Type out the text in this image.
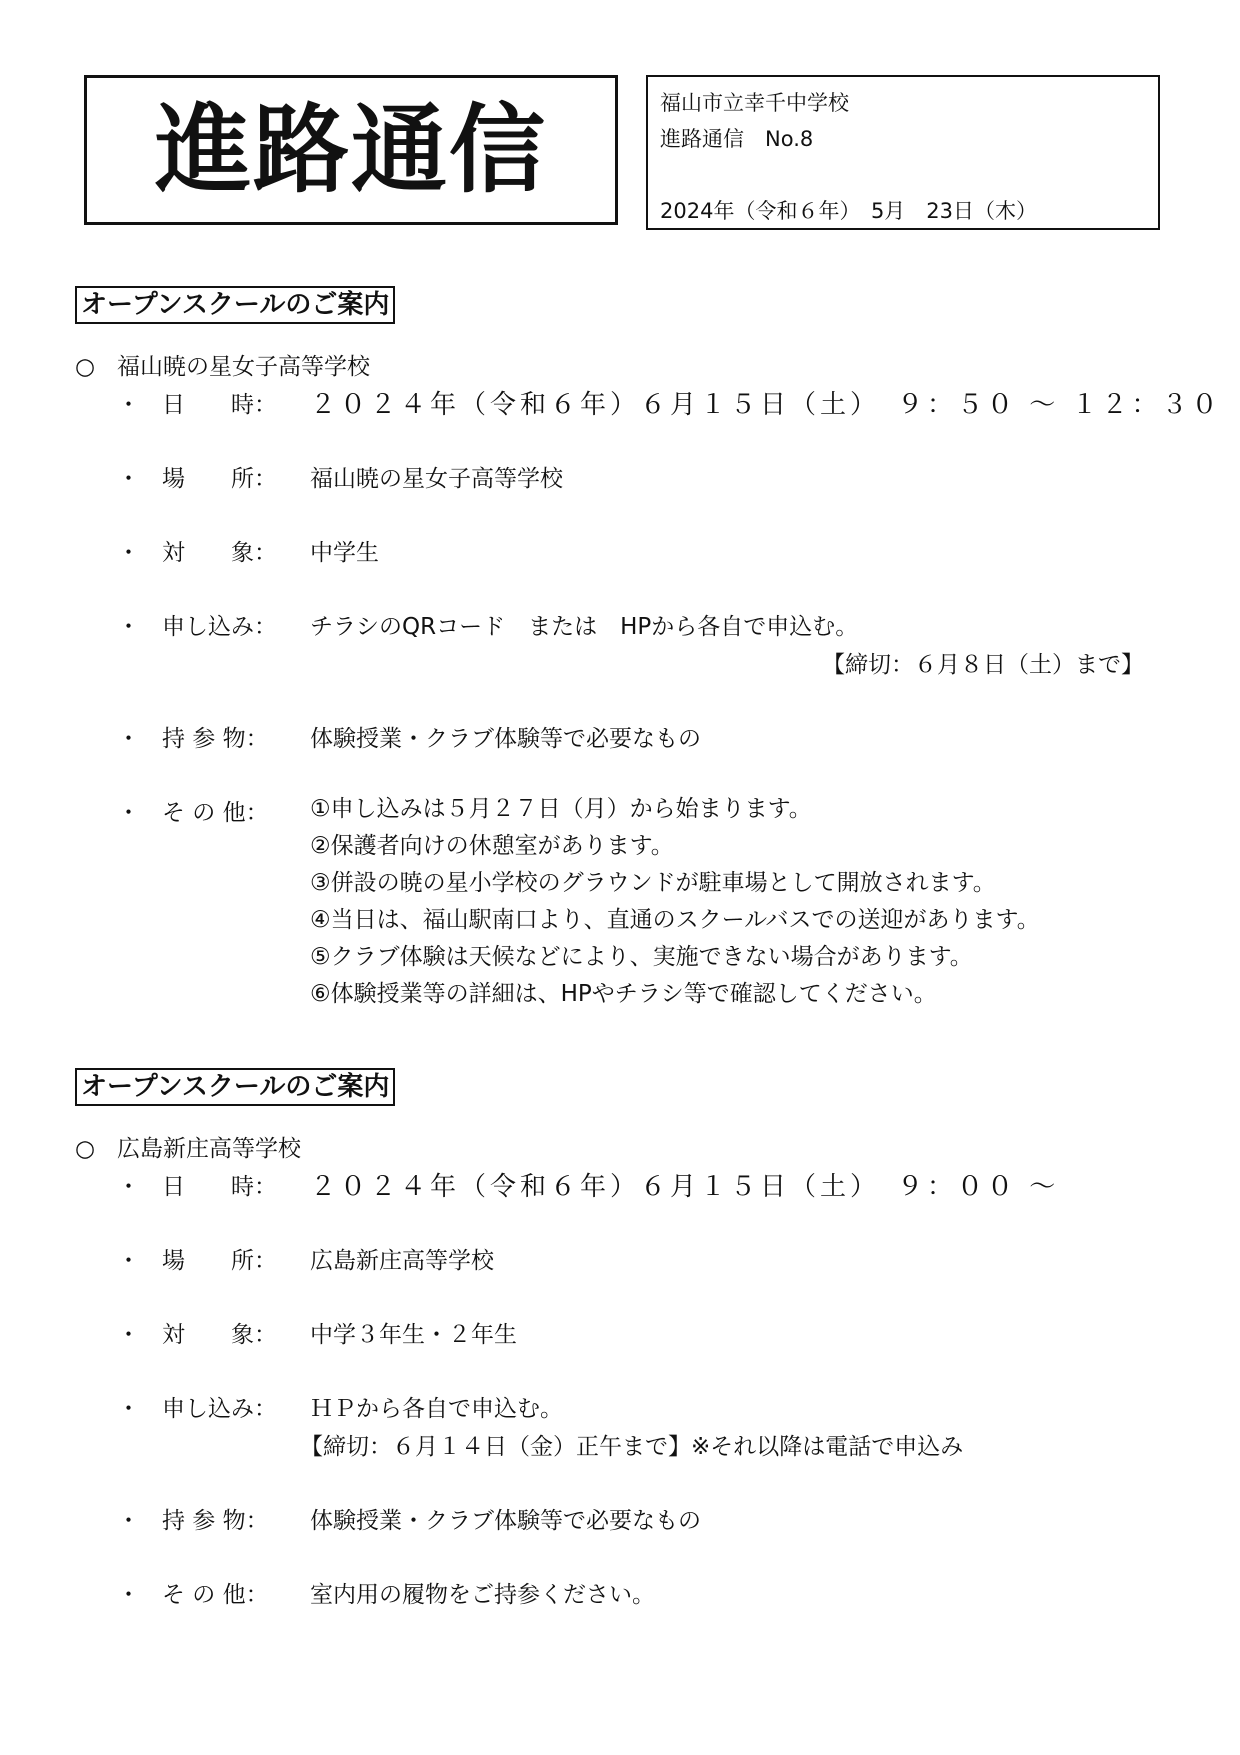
進路通信	福山市立幸千中学校
進路通信　No.8
2024年（令和６年）　5月　23日（木）
オープンスクールのご案内
○ 福山暁の星女子高等学校
・ 日　　時： ２０２４年（令和６年）６月１５日（土）　９：５０ ～ １２：３０
・ 場　　所： 福山暁の星女子高等学校
・ 対　　象： 中学生
・ 申し込み： チラシのQRコード　または　HPから各自で申込む。
【締切：６月８日（土）まで】
・ 持 参 物： 体験授業・クラブ体験等で必要なもの
・ そ の 他： ①申し込みは５月２７日（月）から始まります。
②保護者向けの休憩室があります。
③併設の暁の星小学校のグラウンドが駐車場として開放されます。
④当日は、福山駅南口より、直通のスクールバスでの送迎があります。
⑤クラブ体験は天候などにより、実施できない場合があります。
⑥体験授業等の詳細は、HPやチラシ等で確認してください。
オープンスクールのご案内
○ 広島新庄高等学校
・ 日　　時： ２０２４年（令和６年）６月１５日（土）　９：００ ～
・ 場　　所： 広島新庄高等学校
・ 対　　象： 中学３年生・２年生
・ 申し込み： ＨＰから各自で申込む。
【締切：６月１４日（金）正午まで】※それ以降は電話で申込み
・ 持 参 物： 体験授業・クラブ体験等で必要なもの
・ そ の 他： 室内用の履物をご持参ください。
